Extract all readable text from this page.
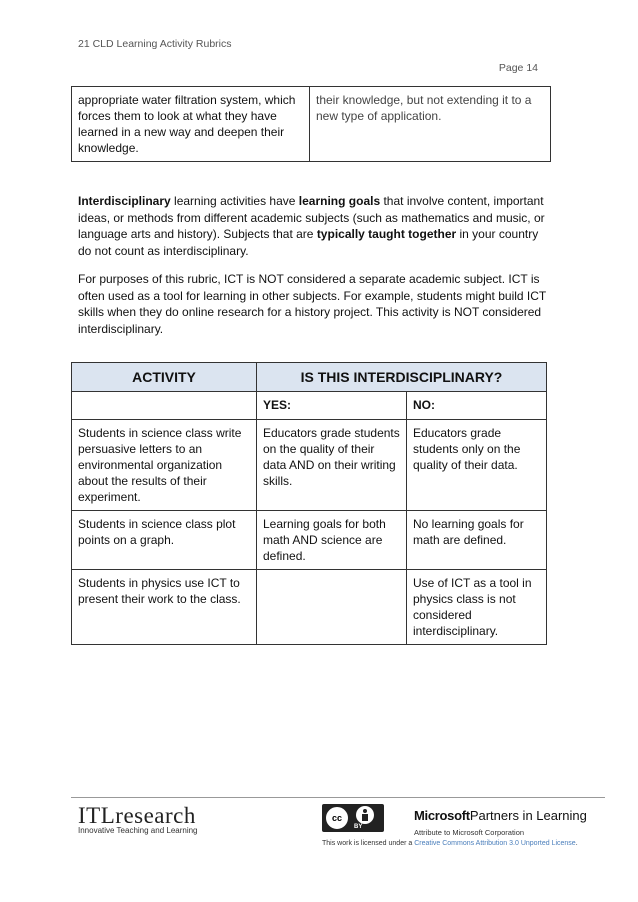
21 CLD Learning Activity Rubrics
Page 14
appropriate water filtration system, which forces them to look at what they have learned in a new way and deepen their knowledge.	their knowledge, but not extending it to a new type of application.

Interdisciplinary learning activities have learning goals that involve content, important ideas, or methods from different academic subjects (such as mathematics and music, or language arts and history). Subjects that are typically taught together in your country do not count as interdisciplinary.

For purposes of this rubric, ICT is NOT considered a separate academic subject. ICT is often used as a tool for learning in other subjects. For example, students might build ICT skills when they do online research for a history project. This activity is NOT considered interdisciplinary.

ACTIVITY	IS THIS INTERDISCIPLINARY?	
	YES:	NO:
Students in science class write persuasive letters to an environmental organization about the results of their experiment.	Educators grade students on the quality of their data AND on their writing skills.	Educators grade students only on the quality of their data.
Students in science class plot points on a graph.	Learning goals for both math AND science are defined.	No learning goals for math are defined.
Students in physics use ICT to present their work to the class.		Use of ICT as a tool in physics class is not considered interdisciplinary.
ITLresearch
Innovative Teaching and Learning
cc
BY
MicrosoftPartners in Learning
Attribute to Microsoft Corporation
This work is licensed under a Creative Commons Attribution 3.0 Unported License.
